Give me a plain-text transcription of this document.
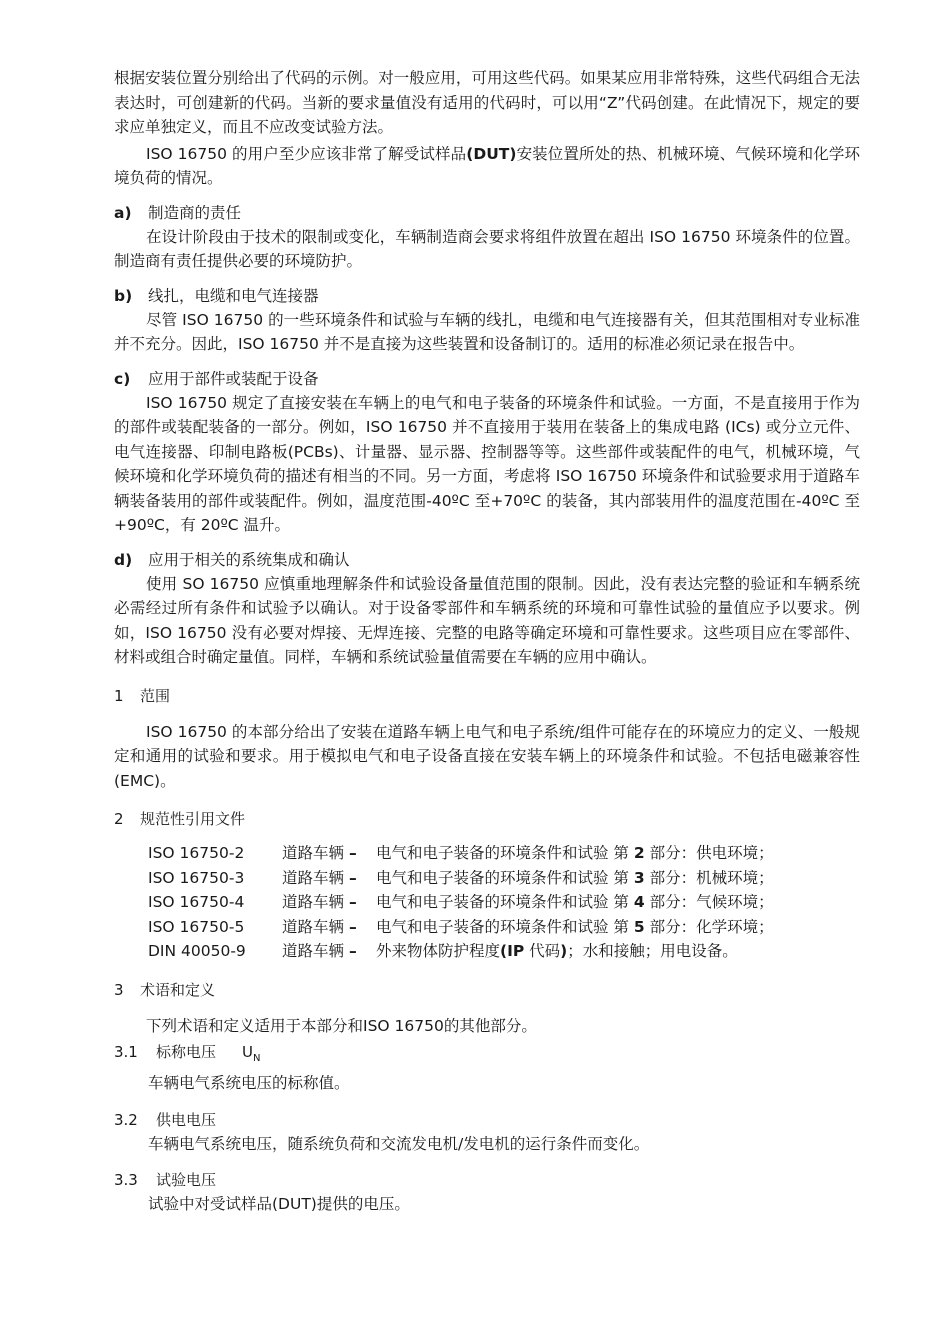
根据安装位置分别给出了代码的示例。对一般应用，可用这些代码。如果某应用非常特殊，这些代码组合无法表达时，可创建新的代码。当新的要求量值没有适用的代码时，可以用“Z”代码创建。在此情况下，规定的要求应单独定义，而且不应改变试验方法。

ISO 16750 的用户至少应该非常了解受试样品(DUT)安装位置所处的热、机械环境、气候环境和化学环境负荷的情况。

a)	制造商的责任

在设计阶段由于技术的限制或变化，车辆制造商会要求将组件放置在超出 ISO 16750 环境条件的位置。制造商有责任提供必要的环境防护。

b)	线扎，电缆和电气连接器

尽管 ISO 16750 的一些环境条件和试验与车辆的线扎，电缆和电气连接器有关，但其范围相对专业标准并不充分。因此，ISO 16750 并不是直接为这些装置和设备制订的。适用的标准必须记录在报告中。

c)	应用于部件或装配于设备

ISO 16750 规定了直接安装在车辆上的电气和电子装备的环境条件和试验。一方面，不是直接用于作为的部件或装配装备的一部分。例如，ISO 16750 并不直接用于装用在装备上的集成电路 (ICs) 或分立元件、电气连接器、印制电路板(PCBs)、计量器、显示器、控制器等等。这些部件或装配件的电气，机械环境，气候环境和化学环境负荷的描述有相当的不同。另一方面，考虑将 ISO 16750 环境条件和试验要求用于道路车辆装备装用的部件或装配件。例如，温度范围-40ºC 至+70ºC 的装备，其内部装用件的温度范围在-40ºC 至+90ºC，有 20ºC 温升。

d)	应用于相关的系统集成和确认

使用 SO 16750 应慎重地理解条件和试验设备量值范围的限制。因此，没有表达完整的验证和车辆系统必需经过所有条件和试验予以确认。对于设备零部件和车辆系统的环境和可靠性试验的量值应予以要求。例如，ISO 16750 没有必要对焊接、无焊连接、完整的电路等确定环境和可靠性要求。这些项目应在零部件、材料或组合时确定量值。同样，车辆和系统试验量值需要在车辆的应用中确认。

1	范围

ISO 16750 的本部分给出了安装在道路车辆上电气和电子系统/组件可能存在的环境应力的定义、一般规定和通用的试验和要求。用于模拟电气和电子设备直接在安装车辆上的环境条件和试验。不包括电磁兼容性(EMC)。

2	规范性引用文件
ISO 16750-2	道路车辆 –	电气和电子装备的环境条件和试验 第 2 部分：供电环境；
ISO 16750-3	道路车辆 –	电气和电子装备的环境条件和试验 第 3 部分：机械环境；
ISO 16750-4	道路车辆 –	电气和电子装备的环境条件和试验 第 4 部分：气候环境；
ISO 16750-5	道路车辆 –	电气和电子装备的环境条件和试验 第 5 部分：化学环境；
DIN 40050-9	道路车辆 –	外来物体防护程度(IP 代码)；水和接触；用电设备。
3	术语和定义

下列术语和定义适用于本部分和ISO 16750的其他部分。

3.1	标称电压 $U_N$

车辆电气系统电压的标称值。

3.2	供电电压

车辆电气系统电压，随系统负荷和交流发电机/发电机的运行条件而变化。

3.3	试验电压

试验中对受试样品(DUT)提供的电压。
